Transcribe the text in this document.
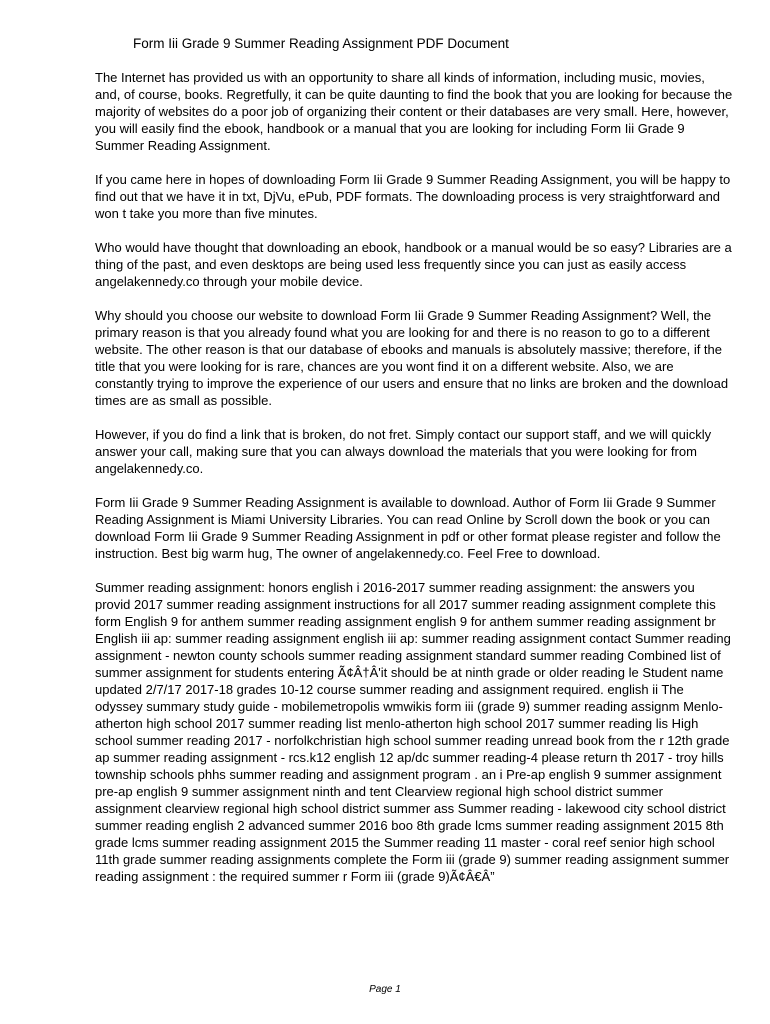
Form Iii Grade 9 Summer Reading Assignment PDF Document

The Internet has provided us with an opportunity to share all kinds of information, including music, movies, and, of course, books. Regretfully, it can be quite daunting to find the book that you are looking for because the majority of websites do a poor job of organizing their content or their databases are very small. Here, however, you will easily find the ebook, handbook or a manual that you are looking for including Form Iii Grade 9 Summer Reading Assignment.

If you came here in hopes of downloading Form Iii Grade 9 Summer Reading Assignment, you will be happy to find out that we have it in txt, DjVu, ePub, PDF formats. The downloading process is very straightforward and won t take you more than five minutes.

Who would have thought that downloading an ebook, handbook or a manual would be so easy? Libraries are a thing of the past, and even desktops are being used less frequently since you can just as easily access angelakennedy.co through your mobile device.

Why should you choose our website to download Form Iii Grade 9 Summer Reading Assignment? Well, the primary reason is that you already found what you are looking for and there is no reason to go to a different website. The other reason is that our database of ebooks and manuals is absolutely massive; therefore, if the title that you were looking for is rare, chances are you wont find it on a different website. Also, we are constantly trying to improve the experience of our users and ensure that no links are broken and the download times are as small as possible.

However, if you do find a link that is broken, do not fret. Simply contact our support staff, and we will quickly answer your call, making sure that you can always download the materials that you were looking for from angelakennedy.co.

Form Iii Grade 9 Summer Reading Assignment is available to download. Author of Form Iii Grade 9 Summer Reading Assignment is Miami University Libraries. You can read Online by Scroll down the book or you can download Form Iii Grade 9 Summer Reading Assignment in pdf or other format please register and follow the instruction. Best big warm hug, The owner of angelakennedy.co. Feel Free to download.

Summer reading assignment: honors english i 2016-2017 summer reading assignment: the answers you provid 2017 summer reading assignment instructions for all 2017 summer reading assignment complete this form English 9 for anthem summer reading assignment english 9 for anthem summer reading assignment br English iii ap: summer reading assignment english iii ap: summer reading assignment contact Summer reading assignment - newton county schools summer reading assignment standard summer reading Combined list of summer assignment for students entering Ã¢Â†Â'it should be at ninth grade or older reading le Student name updated 2/7/17 2017-18 grades 10-12 course summer reading and assignment required. english ii The odyssey summary study guide - mobilemetropolis wmwikis form iii (grade 9) summer reading assignm Menlo-atherton high school 2017 summer reading list menlo-atherton high school 2017 summer reading lis High school summer reading 2017 - norfolkchristian high school summer reading unread book from the r 12th grade ap summer reading assignment - rcs.k12 english 12 ap/dc summer reading-4 please return th 2017 - troy hills township schools phhs summer reading and assignment program . an i Pre-ap english 9 summer assignment pre-ap english 9 summer assignment ninth and tent Clearview regional high school district summer assignment clearview regional high school district summer ass Summer reading - lakewood city school district summer reading english 2 advanced summer 2016 boo 8th grade lcms summer reading assignment 2015 8th grade lcms summer reading assignment 2015 the Summer reading 11 master - coral reef senior high school 11th grade summer reading assignments complete the Form iii (grade 9) summer reading assignment summer reading assignment : the required summer r Form iii (grade 9)Ã¢Â€Â”

Page 1
